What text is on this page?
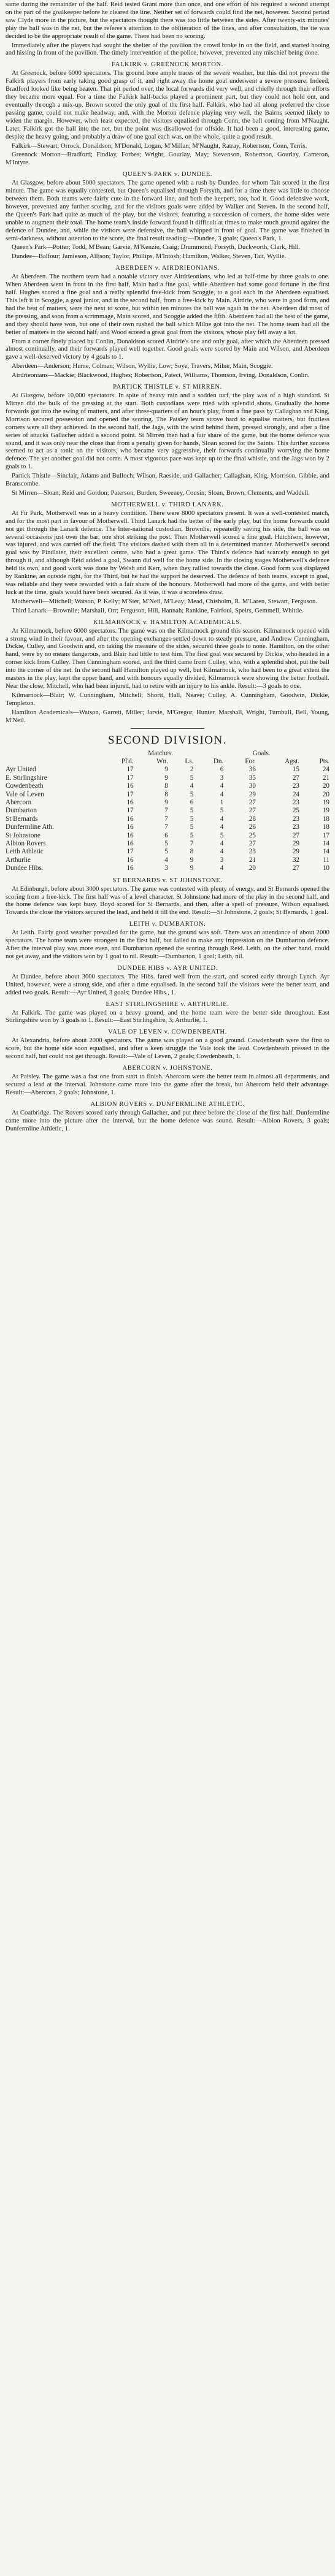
same during the remainder of the half. Reid tested Grant more than once, and one effort of his required a second attempt on the part of the goalkeeper before he cleared the line. Neither set of forwards could find the net, however. Second period saw Clyde more in the picture, but the spectators thought there was too little between the sides. After twenty-six minutes' play the ball was in the net, but the referee's attention to the obliteration of the lines, and after consultation, the tie was decided to be the appropriate result of the game. There had been no scoring.

Immediately after the players had sought the shelter of the pavilion the crowd broke in on the field, and started booing and hissing in front of the pavilion. The timely intervention of the police, however, prevented any mischief being done.

FALKIRK v. GREENOCK MORTON.

At Greenock, before 6000 spectators. The ground bore ample traces of the severe weather, but this did not prevent the Falkirk players from early taking good grasp of it, and right away the home goal underwent a severe pressure. Indeed, Bradford looked like being beaten. That pit period over, the local forwards did very well, and chiefly through their efforts they became more equal. For a time the Falkirk half-backs played a prominent part, but they could not hold out, and eventually through a mix-up, Brown scored the only goal of the first half. Falkirk, who had all along preferred the close passing game, could not make headway, and, with the Morton defence playing very well, the Bairns seemed likely to widen the margin. However, when least expected, the visitors equalised through Conn, the ball coming from M'Naught. Later, Falkirk got the ball into the net, but the point was disallowed for offside. It had been a good, interesting game, despite the heavy going, and probably a draw of one goal each was, on the whole, quite a good result.

Falkirk—Stewart; Orrock, Donaldson; M'Donald, Logan, M'Millan; M'Naught, Ratray, Robertson, Conn, Terris.

Greenock Morton—Bradford; Findlay, Forbes; Wright, Gourlay, May; Stevenson, Robertson, Gourlay, Cameron, M'Intyre.

QUEEN'S PARK v. DUNDEE.

At Glasgow, before about 5000 spectators. The game opened with a rush by Dundee, for whom Tait scored in the first minute. The game was equally contested, but Queen's equalised through Forsyth, and for a time there was little to choose between them. Both teams were fairly cute in the forward line, and both the keepers, too, had it. Good defensive work, however, prevented any further scoring, and for the visitors goals were added by Walker and Steven. In the second half, the Queen's Park had quite as much of the play, but the visitors, featuring a succession of corners, the home sides were unable to augment their total. The home team's inside forward found it difficult at times to make much ground against the defence of Dundee, and, while the visitors were defensive, the ball whipped in front of goal. The game was finished in semi-darkness, without attention to the score, the final result reading:—Dundee, 3 goals; Queen's Park, 1.

Queen's Park—Potter; Todd, M'Bean; Garvie, M'Kenzie, Craig; Drummond, Forsyth, Duckworth, Clark, Hill.

Dundee—Balfour; Jamieson, Allison; Taylor, Phillips, M'Intosh; Hamilton, Walker, Steven, Tait, Wyllie.

ABERDEEN v. AIRDRIEONIANS.

At Aberdeen. The northern team had a notable victory over Airdrieonians, who led at half-time by three goals to one. When Aberdeen went in front in the first half, Main had a fine goal, while Aberdeen had some good fortune in the first half. Hughes scored a fine goal and a really splendid free-kick from Scoggie, to a goal each in the Aberdeen equalised. This left it in Scoggie, a goal junior, and in the second half, from a free-kick by Main. Airdrie, who were in good form, and had the best of matters, were the next to score, but within ten minutes the ball was again in the net. Aberdeen did most of the pressing, and soon from a scrimmage, Main scored, and Scoggie added the fifth. Aberdeen had all the best of the game, and they should have won, but one of their own rushed the ball which Milne got into the net. The home team had all the better of matters in the second half, and Wood scored a great goal from the visitors, whose play fell away a lot.

From a corner finely placed by Conlin, Donaldson scored Airdrie's one and only goal, after which the Aberdeen pressed almost continually, and their forwards played well together. Good goals were scored by Main and Wilson, and Aberdeen gave a well-deserved victory by 4 goals to 1.

Aberdeen—Anderson; Hume, Colman; Wilson, Wyllie, Low; Soye, Travers, Milne, Main, Scoggie.

Airdrieonians—Mackie; Blackwood, Hughes; Robertson, Patect, Williams, Thomson, Irving, Donaldson, Conlin.

PARTICK THISTLE v. ST MIRREN.

At Glasgow, before 10,000 spectators. In spite of heavy rain and a sodden turf, the play was of a high standard. St Mirren did the bulk of the pressing at the start. Both custodians were tried with splendid shots. Gradually the home forwards got into the swing of matters, and after three-quarters of an hour's play, from a fine pass by Callaghan and King, Morrison secured possession and opened the scoring. The Paisley team strove hard to equalise matters, but fruitless corners were all they achieved. In the second half, the Jags, with the wind behind them, pressed strongly, and after a fine series of attacks Gallacher added a second point. St Mirren then had a fair share of the game, but the home defence was sound, and it was only near the close that from a penalty given for hands, Sloan scored for the Saints. This further success seemed to act as a tonic on the visitors, who became very aggressive, their forwards continually worrying the home defence. The yet another goal did not come. A most vigorous pace was kept up to the final whistle, and the Jags won by 2 goals to 1.

Partick Thistle—Sinclair, Adams and Bulloch; Wilson, Raeside, and Gallacher; Callaghan, King, Morrison, Gibbie, and Branscombe.

St Mirren—Sloan; Reid and Gordon; Paterson, Burden, Sweeney, Cousin; Sloan, Brown, Clements, and Waddell.

MOTHERWELL v. THIRD LANARK.

At Fir Park, Motherwell was in a heavy condition. There were 8000 spectators present. It was a well-contested match, and for the most part in favour of Motherwell. Third Lanark had the better of the early play, but the home forwards could not get through the Lanark defence. The Inter-national custodian, Brownlie, repeatedly saving his side, the ball was on several occasions just over the bar, one shot striking the post. Then Motherwell scored a fine goal. Hutchison, however, was injured, and was carried off the field. The visitors dashed with them all in a determined manner. Motherwell's second goal was by Findlater, their excellent centre, who had a great game. The Third's defence had scarcely enough to get through it, and although Reid added a goal, Swann did well for the home side. In the closing stages Motherwell's defence held its own, and good work was done by Welsh and Kerr, when they rallied towards the close. Good form was displayed by Rankine, an outside right, for the Third, but he had the support he deserved. The defence of both teams, except in goal, was reliable and they were rewarded with a fair share of the honours. Motherwell had more of the game, and with better luck at the time, goals would have been secured. As it was, it was a scoreless draw.

Motherwell—Mitchell; Watson, P. Kelly; M'Ster, M'Neil, M'Leay; Mead, Chisholm, R. M'Laren, Stewart, Ferguson.

Third Lanark—Brownlie; Marshall, Orr; Ferguson, Hill, Hannah; Rankine, Fairfoul, Speirs, Gemmell, Whittle.

KILMARNOCK v. HAMILTON ACADEMICALS.

At Kilmarnock, before 6000 spectators. The game was on the Kilmarnock ground this season. Kilmarnock opened with a strong wind in their favour, and after the opening exchanges settled down to steady pressure, and Andrew Cunningham, Dickie, Culley, and Goodwin and, on taking the measure of the sides, secured three goals to none. Hamilton, on the other hand, were by no means dangerous, and Blair had little to test him. The first goal was secured by Dickie, who headed in a corner kick from Culley. Then Cunningham scored, and the third came from Culley, who, with a splendid shot, put the ball into the corner of the net. In the second half Hamilton played up well, but Kilmarnock, who had been to a great extent the masters in the play, kept the upper hand, and with honours equally divided, Kilmarnock were showing the better football. Near the close, Mitchell, who had been injured, had to retire with an injury to his ankle. Result:—3 goals to one.

Kilmarnock—Blair; W. Cunningham, Mitchell; Shortt, Hall, Neave; Culley, A. Cunningham, Goodwin, Dickie, Templeton.

Hamilton Academicals—Watson, Garrett, Miller; Jarvie, M'Gregor, Hunter, Marshall, Wright, Turnbull, Bell, Young, M'Neil.

SECOND DIVISION.
	Matches.				Goals.		
	Pl'd.	Wn.	Ls.	Dn.	For.	Agst.	Pts.
Ayr United	17	9	2	6	36	15	24
E. Stirlingshire	17	9	5	3	35	27	21
Cowdenbeath	16	8	4	4	30	23	20
Vale of Leven	17	8	5	4	29	24	20
Abercorn	16	9	6	1	27	23	19
Dumbarton	17	7	5	5	27	25	19
St Bernards	16	7	5	4	28	23	18
Dunfermline Ath.	16	7	5	4	26	23	18
St Johnstone	16	6	5	5	25	27	17
Albion Rovers	16	5	7	4	27	29	14
Leith Athletic	17	5	8	4	23	29	14
Arthurlie	16	4	9	3	21	32	11
Dundee Hibs.	16	3	9	4	20	27	10
ST BERNARDS v. ST JOHNSTONE.

At Edinburgh, before about 3000 spectators. The game was contested with plenty of energy, and St Bernards opened the scoring from a free-kick. The first half was of a level character. St Johnstone had more of the play in the second half, and the home defence was kept busy. Boyd scored for St Bernards, and then, after a spell of pressure, Wilson equalised. Towards the close the visitors secured the lead, and held it till the end. Result:—St Johnstone, 2 goals; St Bernards, 1 goal.

LEITH v. DUMBARTON.

At Leith. Fairly good weather prevailed for the game, but the ground was soft. There was an attendance of about 2000 spectators. The home team were strongest in the first half, but failed to make any impression on the Dumbarton defence. After the interval play was more even, and Dumbarton opened the scoring through Reid. Leith, on the other hand, could not get away, and the visitors won by 1 goal to nil. Result:—Dumbarton, 1 goal; Leith, nil.

DUNDEE HIBS v. AYR UNITED.

At Dundee, before about 3000 spectators. The Hibs. fared well from the start, and scored early through Lynch. Ayr United, however, were a strong side, and after a time equalised. In the second half the visitors were the better team, and added two goals. Result:—Ayr United, 3 goals; Dundee Hibs., 1.

EAST STIRLINGSHIRE v. ARTHURLIE.

At Falkirk. The game was played on a heavy ground, and the home team were the better side throughout. East Stirlingshire won by 3 goals to 1. Result:—East Stirlingshire, 3; Arthurlie, 1.

VALE OF LEVEN v. COWDENBEATH.

At Alexandria, before about 2000 spectators. The game was played on a good ground. Cowdenbeath were the first to score, but the home side soon equalised, and after a keen struggle the Vale took the lead. Cowdenbeath pressed in the second half, but could not get through. Result:—Vale of Leven, 2 goals; Cowdenbeath, 1.

ABERCORN v. JOHNSTONE.

At Paisley. The game was a fast one from start to finish. Abercorn were the better team in almost all departments, and secured a lead at the interval. Johnstone came more into the game after the break, but Abercorn held their advantage. Result:—Abercorn, 2 goals; Johnstone, 1.

ALBION ROVERS v. DUNFERMLINE ATHLETIC.

At Coatbridge. The Rovers scored early through Gallacher, and put three before the close of the first half. Dunfermline came more into the picture after the interval, but the home defence was sound. Result:—Albion Rovers, 3 goals; Dunfermline Athletic, 1.
